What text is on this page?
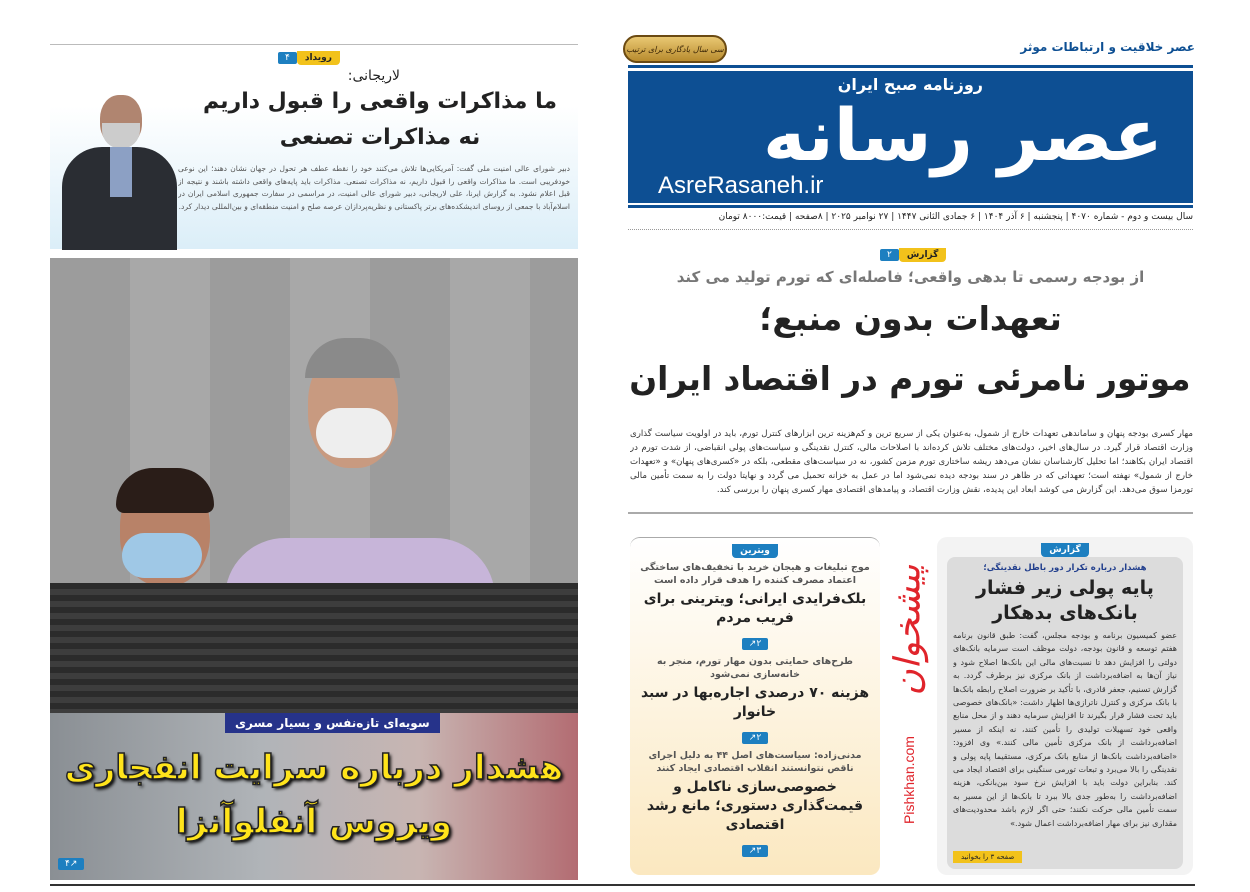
عصر خلاقیت و ارتباطات موثر
سی سال یادگاری برای ترتیب
روزنامه صبح ایران
عصر رسانه
AsreRasaneh.ir
سال بیست و دوم - شماره ۴۰۷۰ | پنجشنبه | ۶ آذر ۱۴۰۴ | ۶ جمادی الثانی ۱۴۴۷ | ۲۷ نوامبر ۲۰۲۵ | ۸صفحه | قیمت:۸۰۰۰ تومان
گزارش۲
از بودجه رسمی تا بدهی واقعی؛ فاصله‌ای که تورم تولید می کند
تعهدات بدون منبع؛
موتور نامرئی تورم در اقتصاد ایران
مهار کسری بودجه پنهان و ساماندهی تعهدات خارج از شمول، به‌عنوان یکی از سریع ترین و کم‌هزینه ترین ابزارهای کنترل تورم، باید در اولویت سیاست گذاری وزارت اقتصاد قرار گیرد. در سال‌های اخیر، دولت‌های مختلف تلاش کرده‌اند با اصلاحات مالی، کنترل نقدینگی و سیاست‌های پولی انقباضی، از شدت تورم در اقتصاد ایران بکاهند؛ اما تحلیل کارشناسان نشان می‌دهد ریشه ساختاری تورم مزمن کشور، نه در سیاست‌های مقطعی، بلکه در «کسری‌های پنهان» و «تعهدات خارج از شمول» نهفته است؛ تعهداتی که در ظاهر در سند بودجه دیده نمی‌شود اما در عمل به خزانه تحمیل می گردد و نهایتا دولت را به سمت تأمین مالی تورمزا سوق می‌دهد. این گزارش می کوشد ابعاد این پدیده، نقش وزارت اقتصاد، و پیامدهای اقتصادی مهار کسری پنهان را بررسی کند.
ویترین
موج تبلیغات و هیجان خرید با تخفیف‌های ساختگی اعتماد مصرف کننده را هدف قرار داده است
بلک‌فرایدی ایرانی؛ ویترینی برای فریب مردم
۲↗
طرح‌های حمایتی بدون مهار تورم، منجر به خانه‌سازی نمی‌شود
هزینه ۷۰ درصدی اجاره‌بها در سبد خانوار
۲↗
مدنی‌زاده: سیاست‌های اصل ۴۴ به دلیل اجرای ناقص نتوانستند انقلاب اقتصادی ایجاد کنند
خصوصی‌سازی ناکامل و قیمت‌گذاری دستوری؛ مانع رشد اقتصادی
۳↗
گزارش
هشدار درباره تکرار دور باطل نقدینگی؛
پایه پولی زیر فشار بانک‌های بدهکار
عضو کمیسیون برنامه و بودجه مجلس، گفت: طبق قانون برنامه هفتم توسعه و قانون بودجه، دولت موظف است سرمایه بانک‌های دولتی را افزایش دهد تا نسبت‌های مالی این بانک‌ها اصلاح شود و نیاز آن‌ها به اضافه‌برداشت از بانک مرکزی نیز برطرف گردد. به گزارش تسنیم، جعفر قادری، با تأکید بر ضرورت اصلاح رابطه بانک‌ها با بانک مرکزی و کنترل ناترازی‌ها اظهار داشت: «بانک‌های خصوصی باید تحت فشار قرار بگیرند تا افزایش سرمایه دهند و از محل منابع واقعی خود تسهیلات تولیدی را تأمین کنند، نه اینکه از مسیر اضافه‌برداشت از بانک مرکزی تأمین مالی کنند.» وی افزود: «اضافه‌برداشت بانک‌ها از منابع بانک مرکزی، مستقیما پایه پولی و نقدینگی را بالا می‌برد و تبعات تورمی سنگینی برای اقتصاد ایجاد می کند. بنابراین دولت باید با افزایش نرخ سود بین‌بانکی، هزینه اضافه‌برداشت را به‌طور جدی بالا ببرد تا بانک‌ها از این مسیر به سمت تأمین مالی حرکت نکنند؛ حتی اگر لازم باشد محدودیت‌های مقداری نیز برای مهار اضافه‌برداشت اعمال شود.»
صفحه ۳ را بخوانید
پیشخوان
Pishkhan.com
رویداد۴
لاریجانی:
ما مذاکرات واقعی را قبول داریم
نه مذاکرات تصنعی
دبیر شورای عالی امنیت ملی گفت: آمریکایی‌ها تلاش می‌کنند خود را نقطه عطف هر تحول در جهان نشان دهند؛ این نوعی خودفریبی است. ما مذاکرات واقعی را قبول داریم، نه مذاکرات تصنعی. مذاکرات باید پایه‌های واقعی داشته باشند و نتیجه از قبل اعلام نشود. به گزارش ایرنا، علی لاریجانی، دبیر شورای عالی امنیت، در مراسمی در سفارت جمهوری اسلامی ایران در اسلام‌آباد با جمعی از روسای اندیشکده‌های برتر پاکستانی و نظریه‌پردازان عرصه صلح و امنیت منطقه‌ای و بین‌المللی دیدار کرد.
سویه‌ای تازه‌نفس و بسیار مسری
هشدار درباره سرایت انفجاری
ویروس آنفلوآنزا
۴↗
